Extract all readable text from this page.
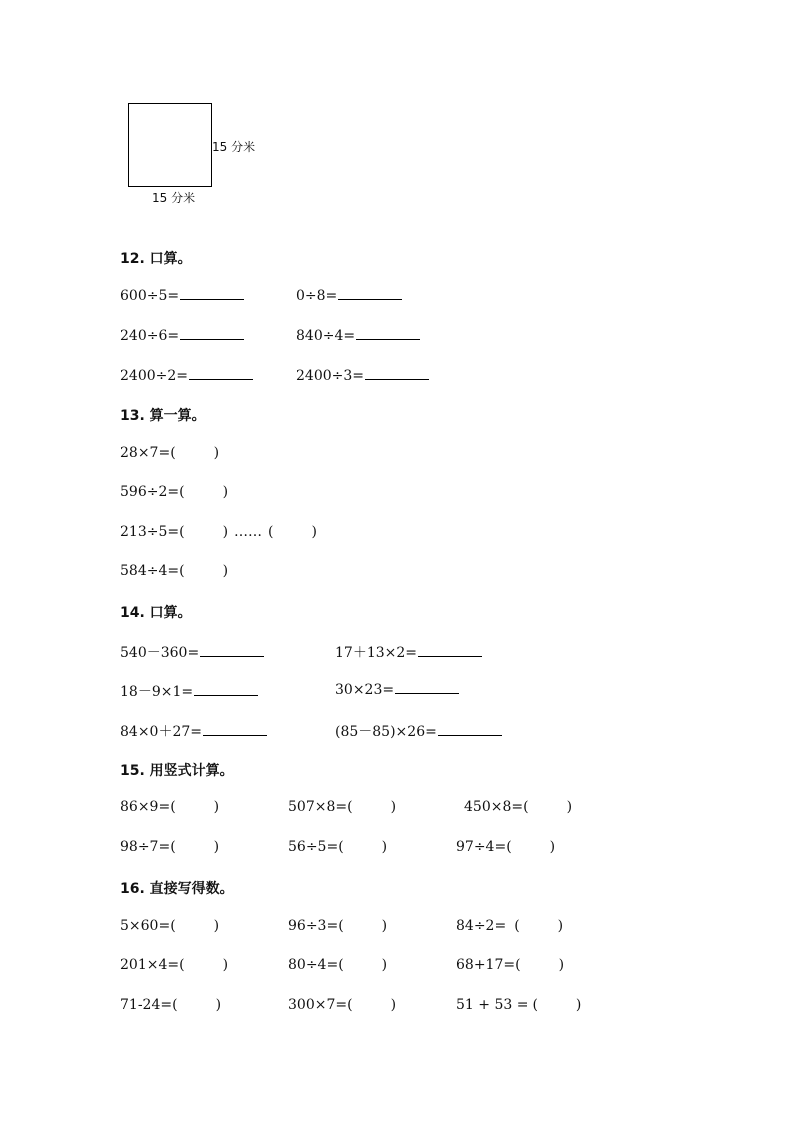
15 分米
15 分米
12. 口算。
600÷5=	0÷8=
240÷6=	840÷4=
2400÷2=	2400÷3=
13. 算一算。
28×7=(	)
596÷2=(	)
213÷5=(	) …… (	)
584÷4=(	)
14. 口算。
540－360=	17＋13×2=
18－9×1=	30×23=
84×0＋27=	(85－85)×26=
15. 用竖式计算。
86×9=(	)	507×8=(	)	450×8=(	)
98÷7=(	)	56÷5=(	)	97÷4=(	)
16. 直接写得数。
5×60=(	)	96÷3=(	)	84÷2= (	)
201×4=(	)	80÷4=(	)	68+17=(	)
71-24=(	)	300×7=(	)	51 + 53 = (	)
